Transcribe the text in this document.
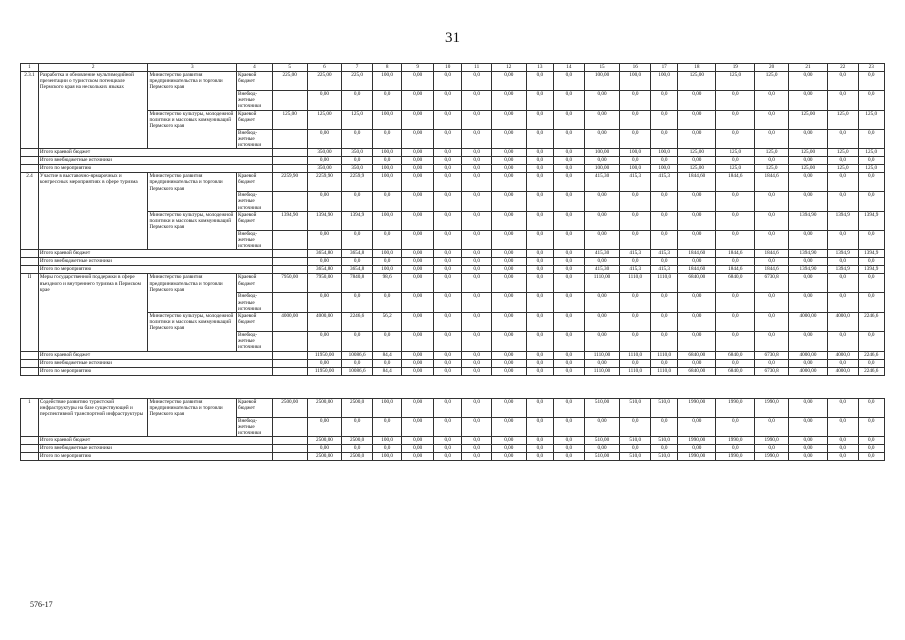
31
1	2	3	4	5	6	7	8	9	10	11	12	13	14	15	16	17	18	19	20	21	22	23
2.3.1	Разработка и обновление мультимедийной презентации о туристском потенциале Пермского края на нескольких языках	Министерство развития предпринимательства и торговли Пермского края	Краевой бюджет	225,00	225,00	225,0	100,0	0,00	0,0	0,0	0,00	0,0	0,0	100,00	100,0	100,0	125,00	125,0	125,0	0,00	0,0	0,0
			Внебюд-жетные источники		0,00	0,0	0,0	0,00	0,0	0,0	0,00	0,0	0,0	0,00	0,0	0,0	0,00	0,0	0,0	0,00	0,0	0,0
		Министерство культуры, молодежной политики и массовых коммуникаций Пермского края	Краевой бюджет	125,00	125,00	125,0	100,0	0,00	0,0	0,0	0,00	0,0	0,0	0,00	0,0	0,0	0,00	0,0	0,0	125,00	125,0	125,0
			Внебюд-жетные источники		0,00	0,0	0,0	0,00	0,0	0,0	0,00	0,0	0,0	0,00	0,0	0,0	0,00	0,0	0,0	0,00	0,0	0,0
	Итого краевой бюджет				350,00	350,0	100,0	0,00	0,0	0,0	0,00	0,0	0,0	100,00	100,0	100,0	125,00	125,0	125,0	125,00	125,0	125,0
	Итого внебюджетные источники				0,00	0,0	0,0	0,00	0,0	0,0	0,00	0,0	0,0	0,00	0,0	0,0	0,00	0,0	0,0	0,00	0,0	0,0
	Итого по мероприятию				350,00	350,0	100,0	0,00	0,0	0,0	0,00	0,0	0,0	100,00	100,0	100,0	125,00	125,0	125,0	125,00	125,0	125,0
2.4	Участие в выставочно-ярмарочных и конгрессных мероприятиях в сфере туризма	Министерство развития предпринимательства и торговли Пермского края	Краевой бюджет	2259,90	2259,90	2259,9	100,0	0,00	0,0	0,0	0,00	0,0	0,0	415,30	415,3	415,3	1844,60	1844,6	1844,6	0,00	0,0	0,0
			Внебюд-жетные источники		0,00	0,0	0,0	0,00	0,0	0,0	0,00	0,0	0,0	0,00	0,0	0,0	0,00	0,0	0,0	0,00	0,0	0,0
		Министерство культуры, молодежной политики и массовых коммуникаций Пермского края	Краевой бюджет	1394,90	1394,90	1394,9	100,0	0,00	0,0	0,0	0,00	0,0	0,0	0,00	0,0	0,0	0,00	0,0	0,0	1394,90	1394,9	1394,9
			Внебюд-жетные источники		0,00	0,0	0,0	0,00	0,0	0,0	0,00	0,0	0,0	0,00	0,0	0,0	0,00	0,0	0,0	0,00	0,0	0,0
	Итого краевой бюджет				3654,80	3654,8	100,0	0,00	0,0	0,0	0,00	0,0	0,0	415,30	415,3	415,3	1844,60	1844,6	1844,6	1394,90	1394,9	1394,9
	Итого внебюджетные источники				0,00	0,0	0,0	0,00	0,0	0,0	0,00	0,0	0,0	0,00	0,0	0,0	0,00	0,0	0,0	0,00	0,0	0,0
	Итого по мероприятию				3654,80	3654,8	100,0	0,00	0,0	0,0	0,00	0,0	0,0	415,30	415,3	415,3	1844,60	1844,6	1844,6	1394,90	1394,9	1394,9
II	Меры государственной поддержки в сфере въездного и внутреннего туризма в Пермском крае	Министерство развития предпринимательства и торговли Пермского края	Краевой бюджет	7950,00	7950,00	7840,8	98,6	0,00	0,0	0,0	0,00	0,0	0,0	1110,00	1110,0	1110,0	6840,00	6840,0	6730,8	0,00	0,0	0,0
			Внебюд-жетные источники		0,00	0,0	0,0	0,00	0,0	0,0	0,00	0,0	0,0	0,00	0,0	0,0	0,00	0,0	0,0	0,00	0,0	0,0
		Министерство культуры, молодежной политики и массовых коммуникаций Пермского края	Краевой бюджет	4000,00	4000,00	2246,6	56,2	0,00	0,0	0,0	0,00	0,0	0,0	0,00	0,0	0,0	0,00	0,0	0,0	4000,00	4000,0	2246,6
			Внебюд-жетные источники		0,00	0,0	0,0	0,00	0,0	0,0	0,00	0,0	0,0	0,00	0,0	0,0	0,00	0,0	0,0	0,00	0,0	0,0
	Итого краевой бюджет				11950,00	10086,6	84,4	0,00	0,0	0,0	0,00	0,0	0,0	1110,00	1110,0	1110,0	6840,00	6840,0	6730,8	4000,00	4000,0	2246,6
	Итого внебюджетные источники				0,00	0,0	0,0	0,00	0,0	0,0	0,00	0,0	0,0	0,00	0,0	0,0	0,00	0,0	0,0	0,00	0,0	0,0
	Итого по мероприятию				11950,00	10086,6	84,4	0,00	0,0	0,0	0,00	0,0	0,0	1110,00	1110,0	1110,0	6840,00	6840,0	6730,8	4000,00	4000,0	2246,6

1	Содействие развитию туристской инфраструктуры на базе существующей и перспективной транспортной инфраструктуры	Министерство развития предпринимательства и торговли Пермского края	Краевой бюджет	2500,00	2500,00	2500,0	100,0	0,00	0,0	0,0	0,00	0,0	0,0	510,00	510,0	510,0	1990,00	1990,0	1990,0	0,00	0,0	0,0
			Внебюд-жетные источники		0,00	0,0	0,0	0,00	0,0	0,0	0,00	0,0	0,0	0,00	0,0	0,0	0,00	0,0	0,0	0,00	0,0	0,0
	Итого краевой бюджет				2500,00	2500,0	100,0	0,00	0,0	0,0	0,00	0,0	0,0	510,00	510,0	510,0	1990,00	1990,0	1990,0	0,00	0,0	0,0
	Итого внебюджетные источники				0,00	0,0	0,0	0,00	0,0	0,0	0,00	0,0	0,0	0,00	0,0	0,0	0,00	0,0	0,0	0,00	0,0	0,0
	Итого по мероприятию				2500,00	2500,0	100,0	0,00	0,0	0,0	0,00	0,0	0,0	510,00	510,0	510,0	1990,00	1990,0	1990,0	0,00	0,0	0,0
576-17
